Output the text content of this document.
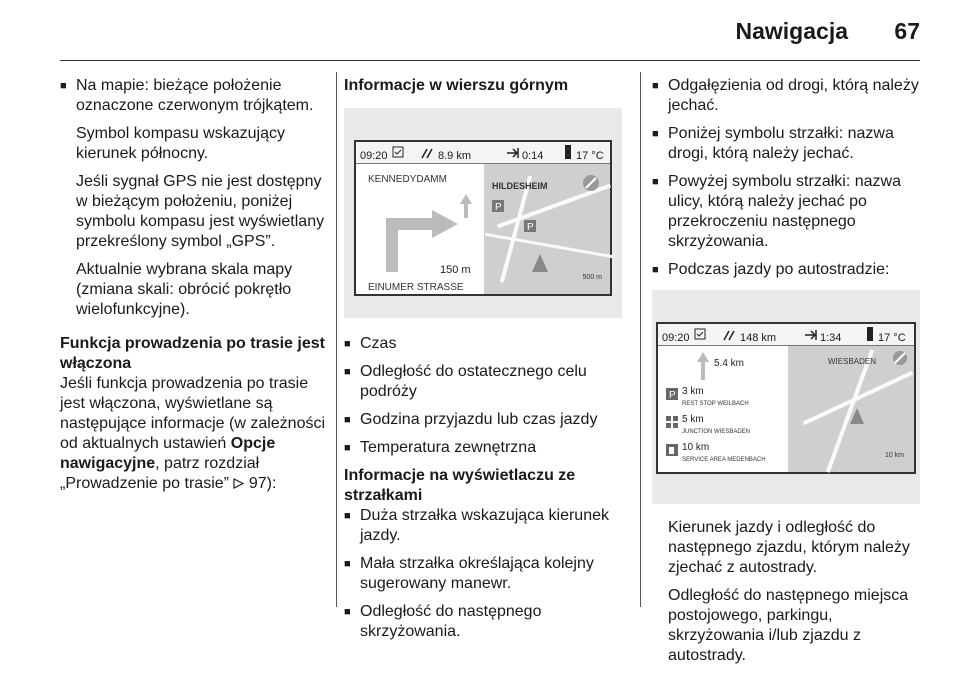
Nawigacja 67
■ Na mapie: bieżące położenie oznaczone czerwonym trójkątem.
Symbol kompasu wskazujący kierunek północny.
Jeśli sygnał GPS nie jest dostępny w bieżącym położeniu, poniżej symbolu kompasu jest wyświetlany przekreślony symbol „GPS”.
Aktualnie wybrana skala mapy (zmiana skali: obrócić pokrętło wielofunkcyjne).
Funkcja prowadzenia po trasie jest włączona
Jeśli funkcja prowadzenia po trasie jest włączona, wyświetlane są następujące informacje (w zależności od aktualnych ustawień Opcje nawigacyjne, patrz rozdział „Prowadzenie po trasie”  97):
Informacje w wierszu górnym
09:20	8.9 km	0:14	17 °C
KENNEDYDAMM
HILDESHEIM
P
P
500 m
150 m
EINUMER STRASSE
■ Czas
■ Odległość do ostatecznego celu podróży
■ Godzina przyjazdu lub czas jazdy
■ Temperatura zewnętrzna
Informacje na wyświetlaczu ze strzałkami
■ Duża strzałka wskazująca kierunek jazdy.
■ Mała strzałka określająca kolejny sugerowany manewr.
■ Odległość do następnego skrzyżowania.
■ Odgałęzienia od drogi, którą należy jechać.
■ Poniżej symbolu strzałki: nazwa drogi, którą należy jechać.
■ Powyżej symbolu strzałki: nazwa ulicy, którą należy jechać po przekroczeniu następnego skrzyżowania.
■ Podczas jazdy po autostradzie:
09:20	148 km	1:34	17 °C
5.4 km
P 3 km
REST STOP WEILBACH
5 km
JUNCTION WIESBADEN
10 km
SERVICE AREA MEDENBACH
WIESBADEN
10 km
Kierunek jazdy i odległość do następnego zjazdu, którym należy zjechać z autostrady.
Odległość do następnego miejsca postojowego, parkingu, skrzyżowania i/lub zjazdu z autostrady.
